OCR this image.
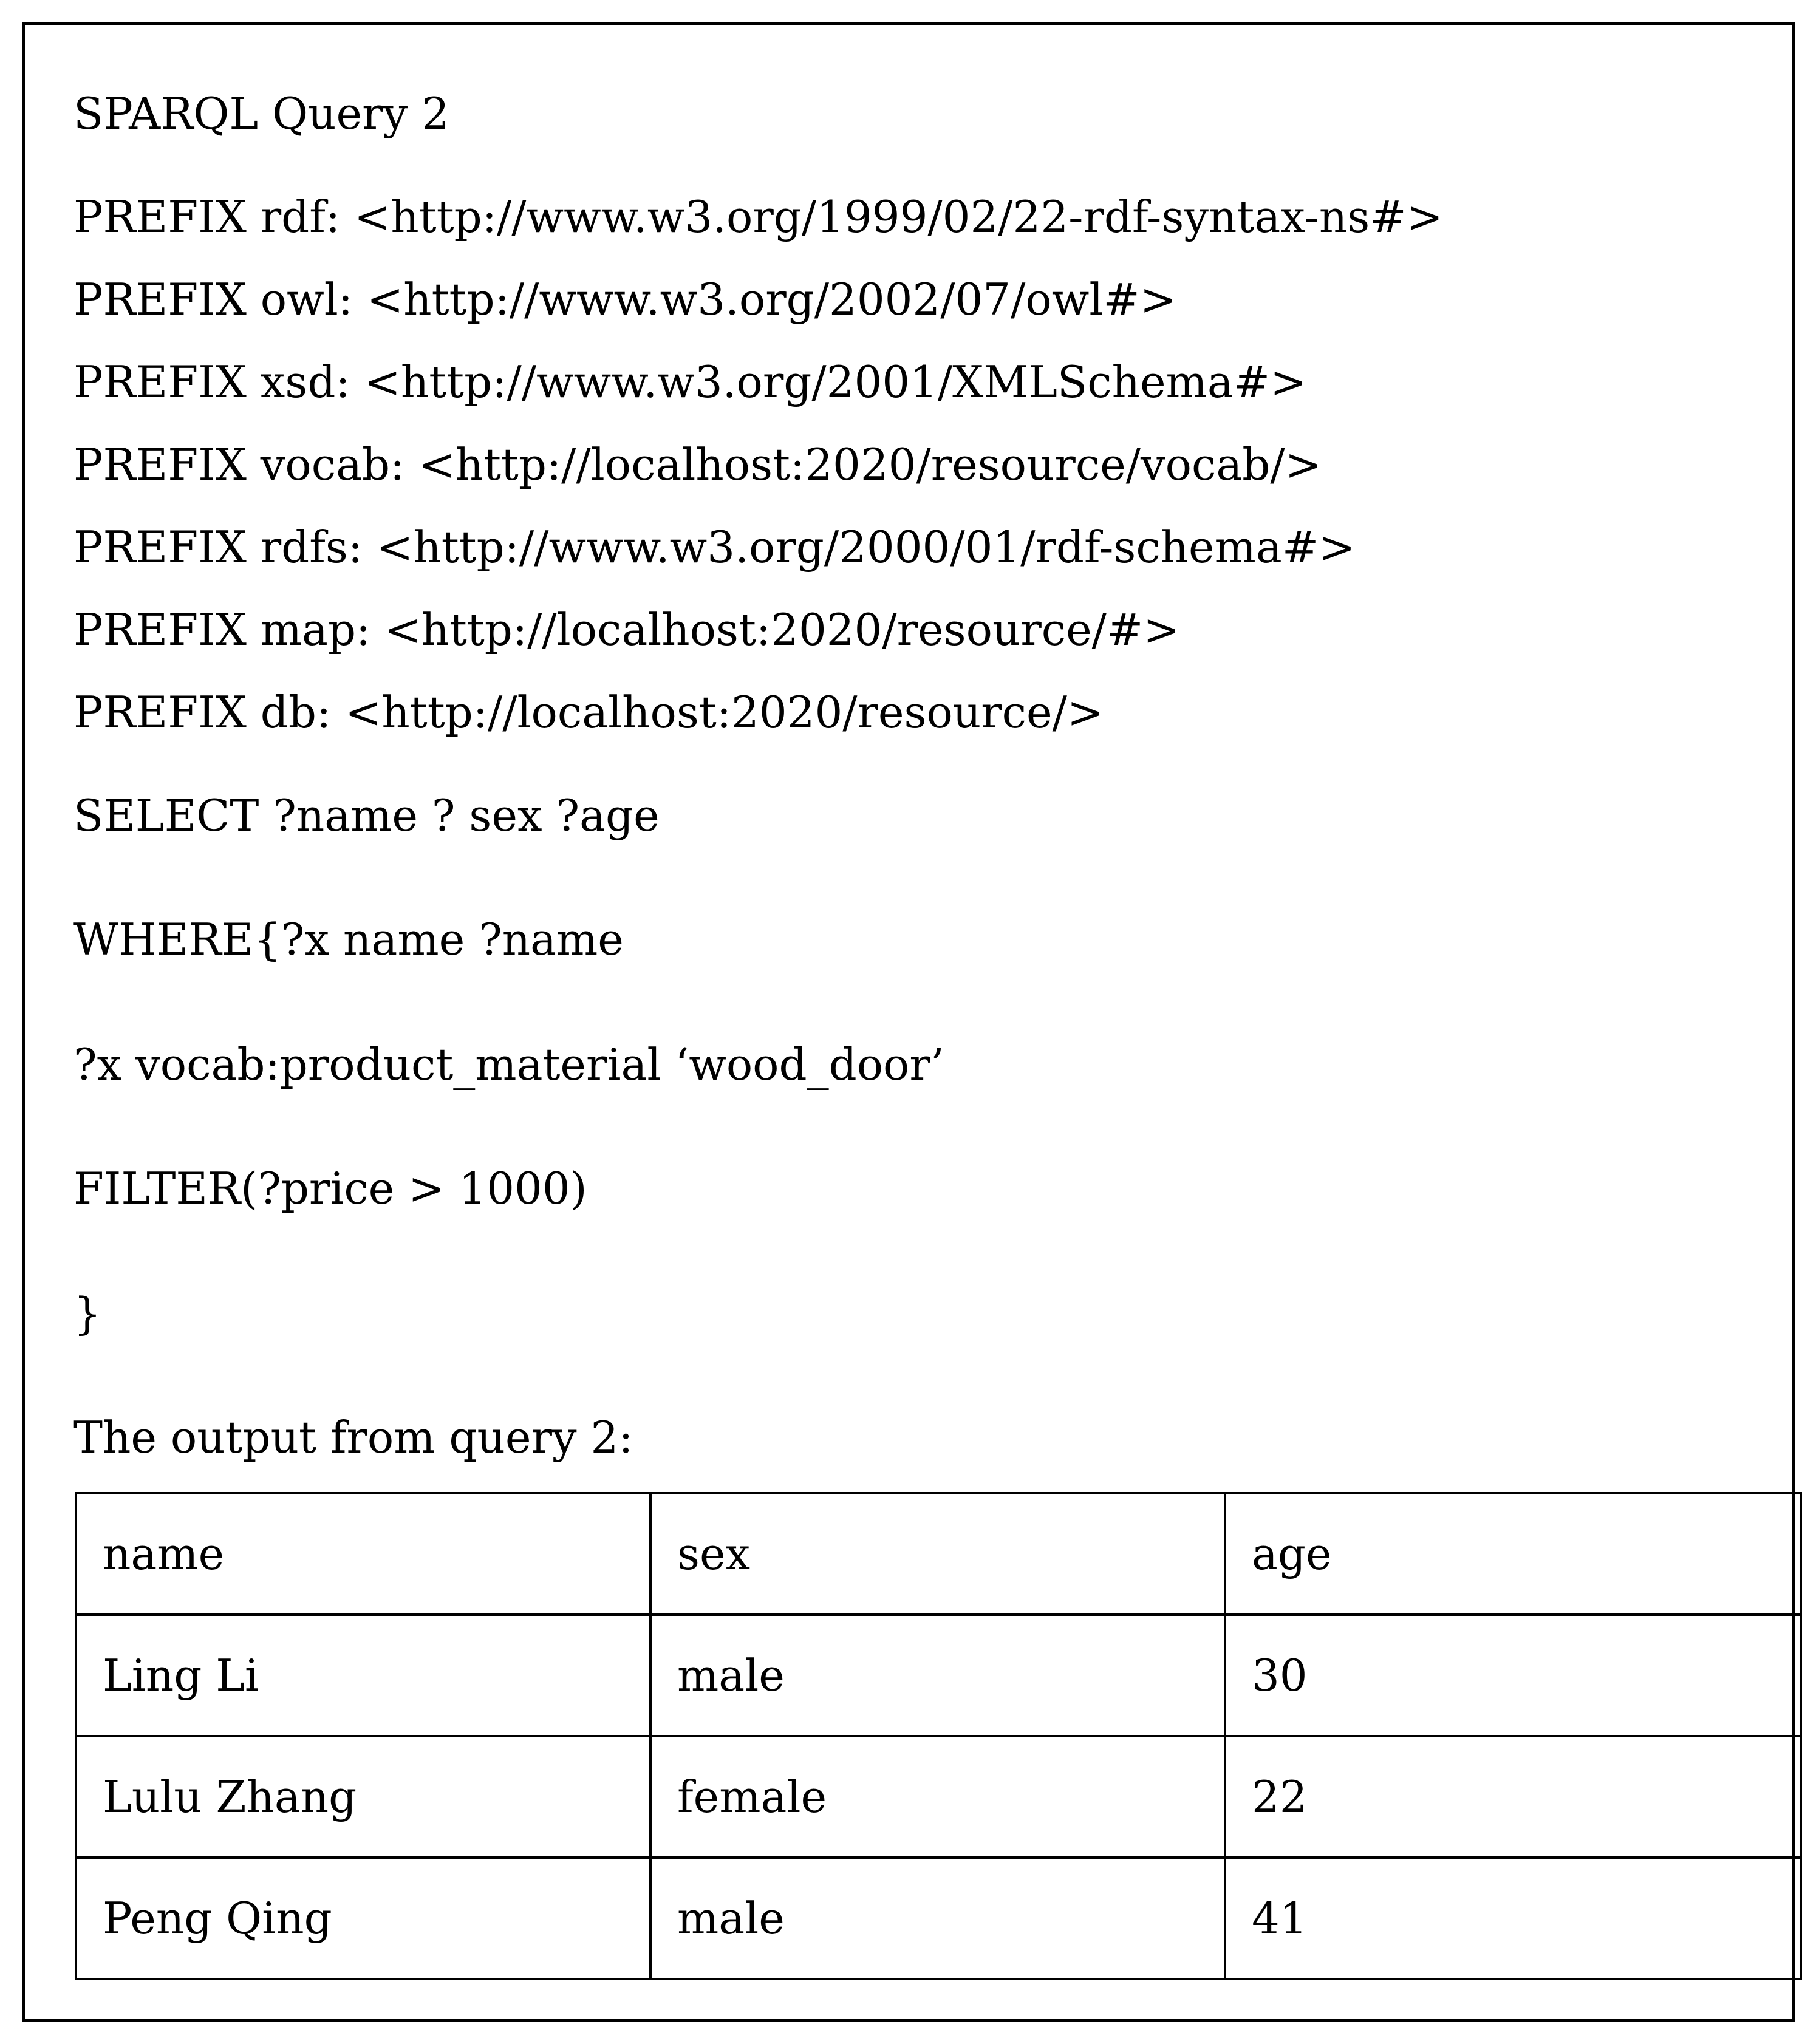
SPARQL Query 2
PREFIX rdf: <http://www.w3.org/1999/02/22-rdf-syntax-ns#>
PREFIX owl: <http://www.w3.org/2002/07/owl#>
PREFIX xsd: <http://www.w3.org/2001/XMLSchema#>
PREFIX vocab: <http://localhost:2020/resource/vocab/>
PREFIX rdfs: <http://www.w3.org/2000/01/rdf-schema#>
PREFIX map: <http://localhost:2020/resource/#>
PREFIX db: <http://localhost:2020/resource/>
SELECT ?name ? sex ?age
WHERE{?x name ?name
?x vocab:product_material ‘wood_door’
FILTER(?price > 1000)
}
The output from query 2:
name	sex	age
Ling Li	male	30
Lulu Zhang	female	22
Peng Qing	male	41
